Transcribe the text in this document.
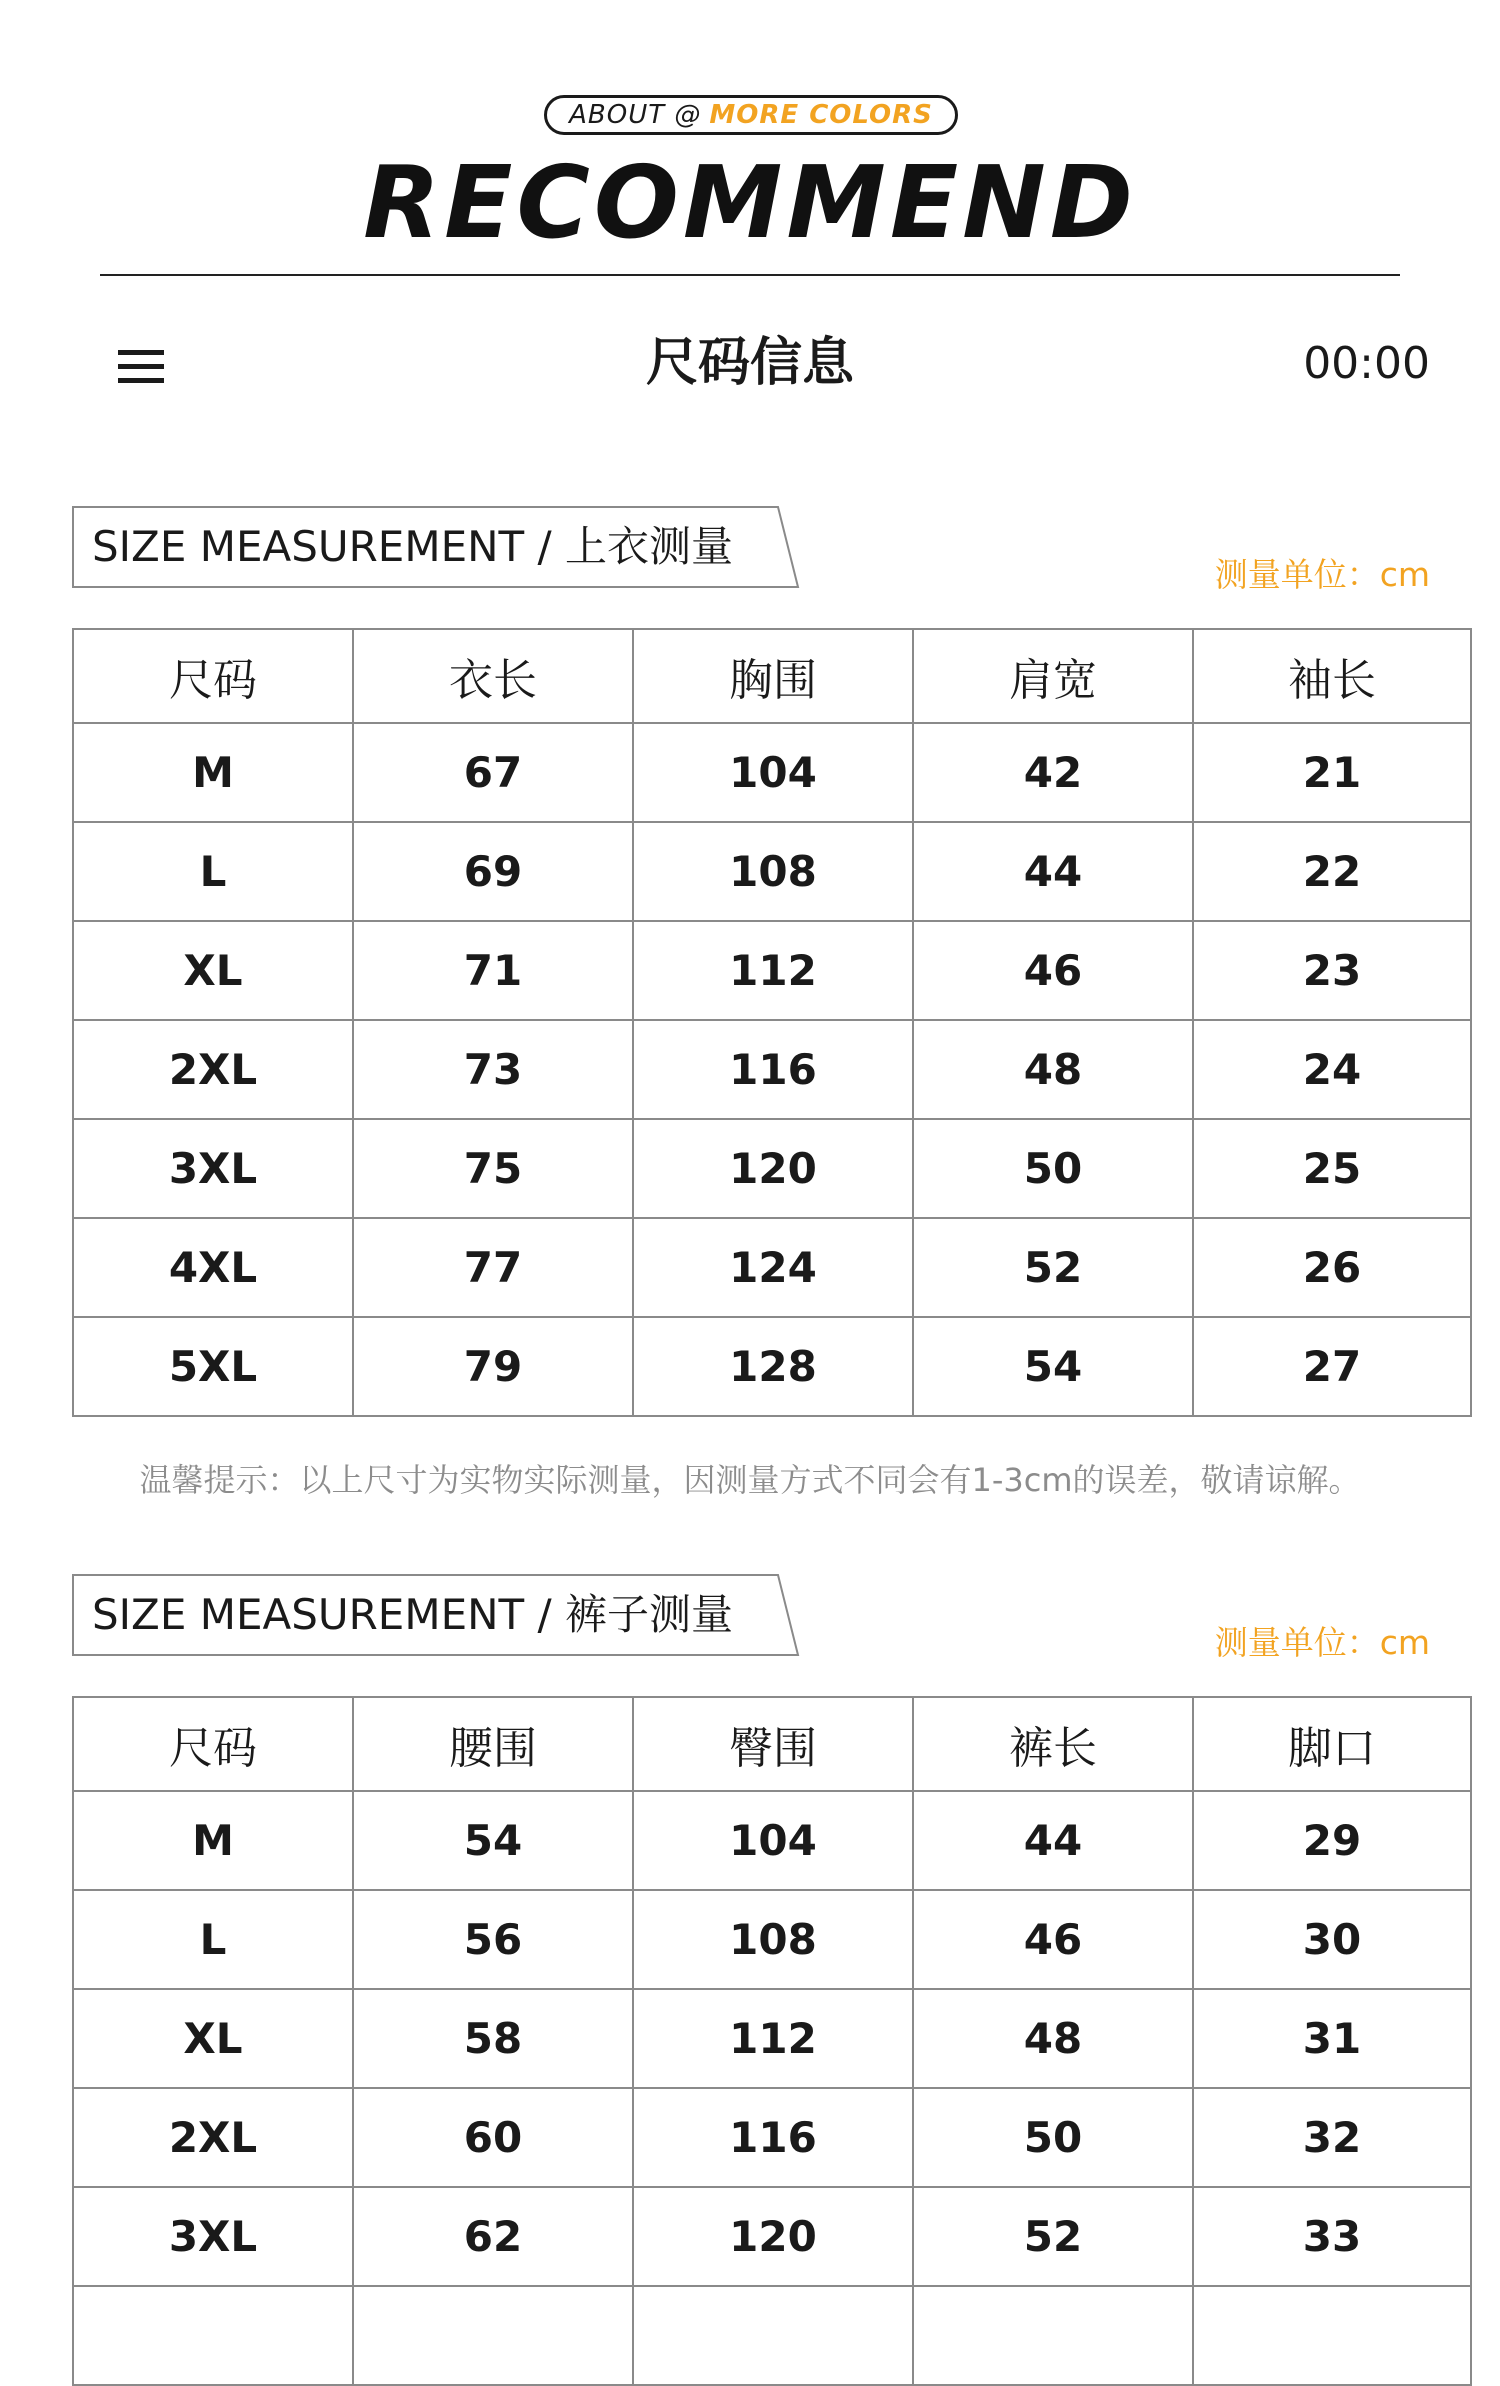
ABOUT @ MORE COLORS
RECOMMEND
尺码信息	00:00
SIZE MEASUREMENT / 上衣测量
测量单位：cm
尺码	衣长	胸围	肩宽	袖长
M	67	104	42	21
L	69	108	44	22
XL	71	112	46	23
2XL	73	116	48	24
3XL	75	120	50	25
4XL	77	124	52	26
5XL	79	128	54	27
温馨提示：以上尺寸为实物实际测量，因测量方式不同会有1-3cm的误差，敬请谅解。
SIZE MEASUREMENT / 裤子测量
测量单位：cm
尺码	腰围	臀围	裤长	脚口
M	54	104	44	29
L	56	108	46	30
XL	58	112	48	31
2XL	60	116	50	32
3XL	62	120	52	33
